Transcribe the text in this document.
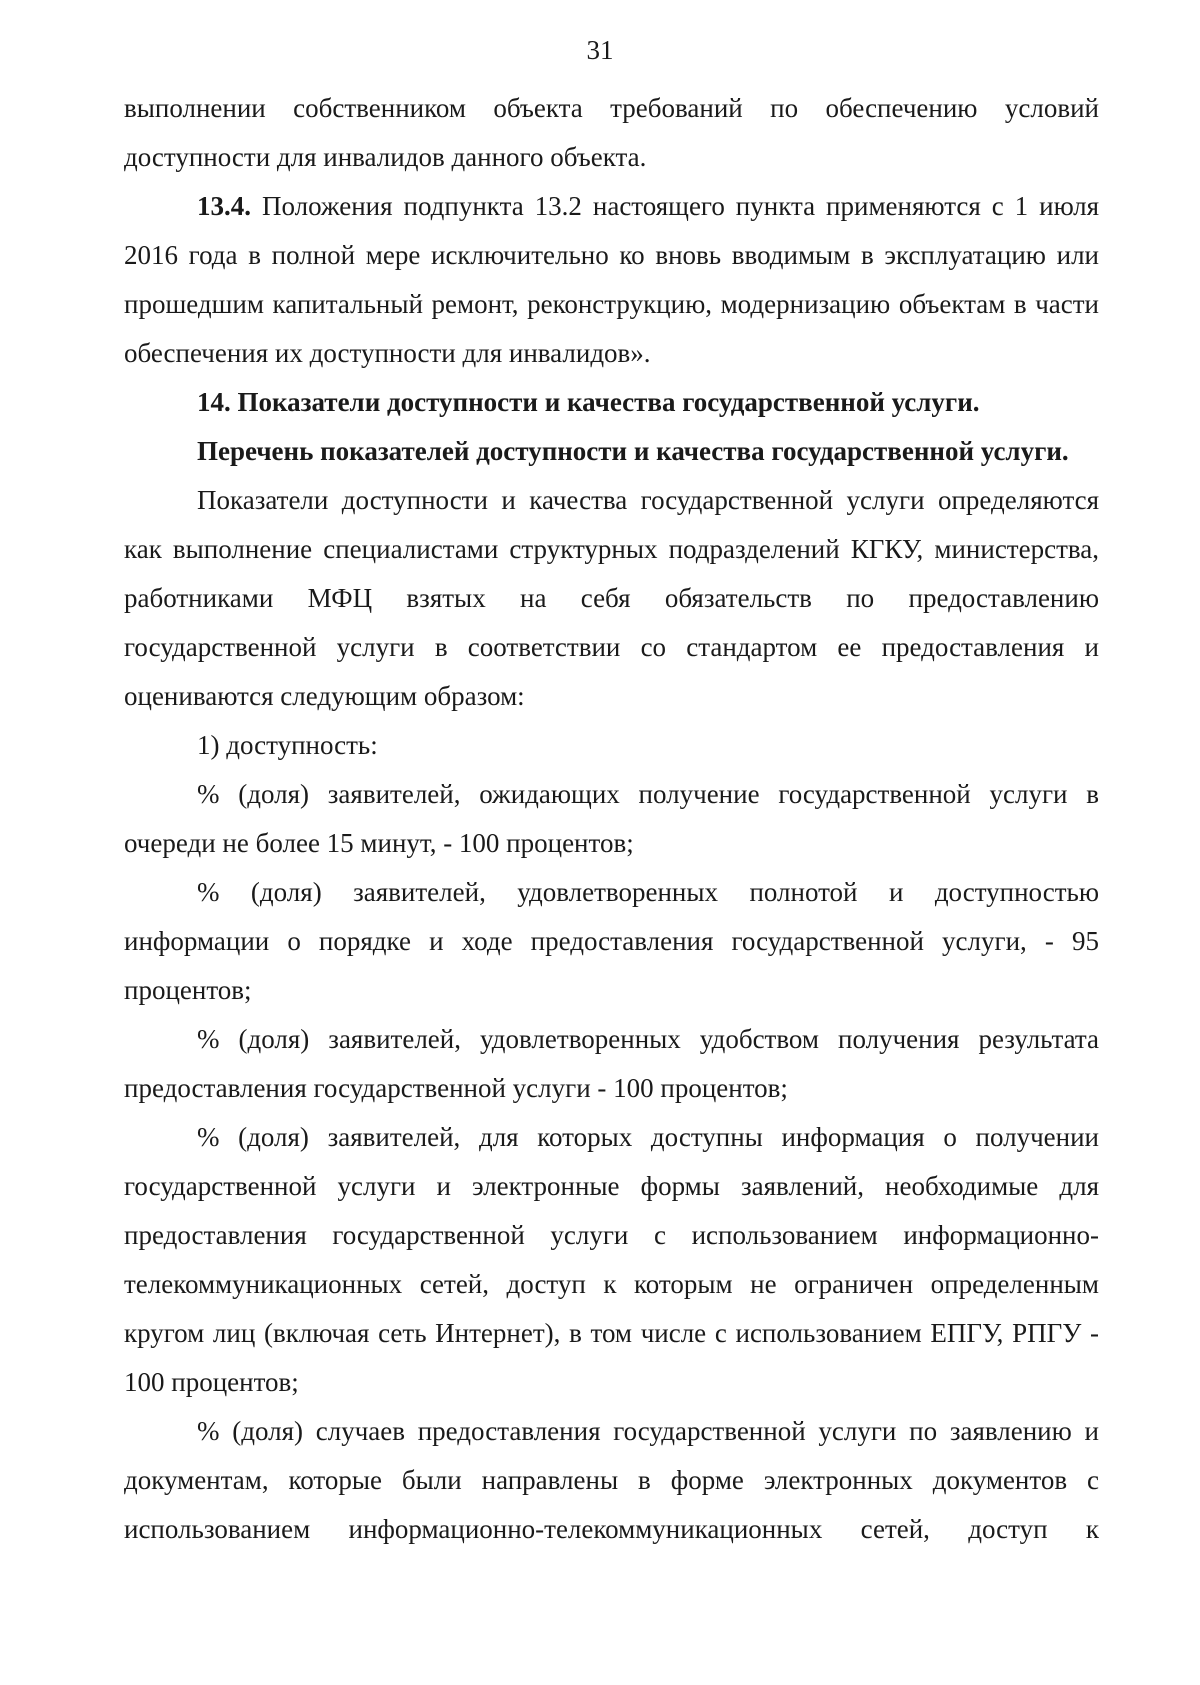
31

выполнении собственником объекта требований по обеспечению условий доступности для инвалидов данного объекта.

13.4. Положения подпункта 13.2 настоящего пункта применяются с 1 июля 2016 года в полной мере исключительно ко вновь вводимым в эксплуатацию или прошедшим капитальный ремонт, реконструкцию, модернизацию объектам в части обеспечения их доступности для инвалидов».

14. Показатели доступности и качества государственной услуги.

Перечень показателей доступности и качества государственной услуги.

Показатели доступности и качества государственной услуги определяются как выполнение специалистами структурных подразделений КГКУ, министерства, работниками МФЦ взятых на себя обязательств по предоставлению государственной услуги в соответствии со стандартом ее предоставления и оцениваются следующим образом:

1) доступность:

% (доля) заявителей, ожидающих получение государственной услуги в очереди не более 15 минут, - 100 процентов;

% (доля) заявителей, удовлетворенных полнотой и доступностью информации о порядке и ходе предоставления государственной услуги, - 95 процентов;

% (доля) заявителей, удовлетворенных удобством получения результата предоставления государственной услуги - 100 процентов;

% (доля) заявителей, для которых доступны информация о получении государственной услуги и электронные формы заявлений, необходимые для предоставления государственной услуги с использованием информационно-телекоммуникационных сетей, доступ к которым не ограничен определенным кругом лиц (включая сеть Интернет), в том числе с использованием ЕПГУ, РПГУ - 100 процентов;

% (доля) случаев предоставления государственной услуги по заявлению и документам, которые были направлены в форме электронных документов с использованием информационно-телекоммуникационных сетей, доступ к
